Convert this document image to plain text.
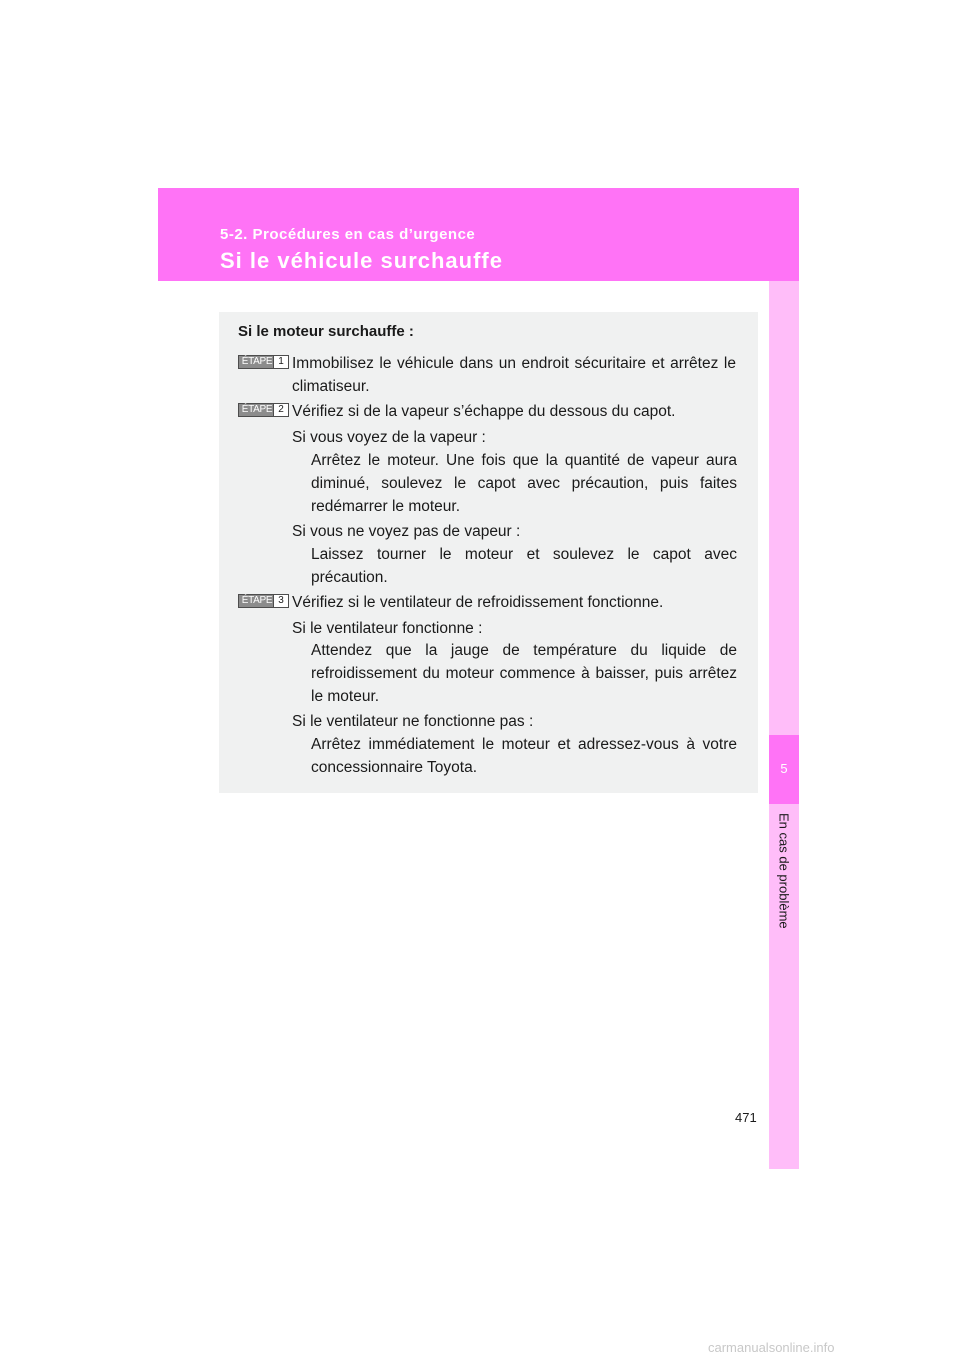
5-2. Procédures en cas d’urgence
Si le véhicule surchauffe
5
En cas de problème
Si le moteur surchauffe :
ÉTAPE 1 Immobilisez le véhicule dans un endroit sécuritaire et arrêtez le climatiseur.
ÉTAPE 2 Vérifiez si de la vapeur s’échappe du dessous du capot.
Si vous voyez de la vapeur :
Arrêtez le moteur. Une fois que la quantité de vapeur aura diminué, soulevez le capot avec précaution, puis faites redémarrer le moteur.
Si vous ne voyez pas de vapeur :
Laissez tourner le moteur et soulevez le capot avec précaution.
ÉTAPE 3 Vérifiez si le ventilateur de refroidissement fonctionne.
Si le ventilateur fonctionne :
Attendez que la jauge de température du liquide de refroidissement du moteur commence à baisser, puis arrêtez le moteur.
Si le ventilateur ne fonctionne pas :
Arrêtez immédiatement le moteur et adressez-vous à votre concessionnaire Toyota.
471
carmanualsonline.info
